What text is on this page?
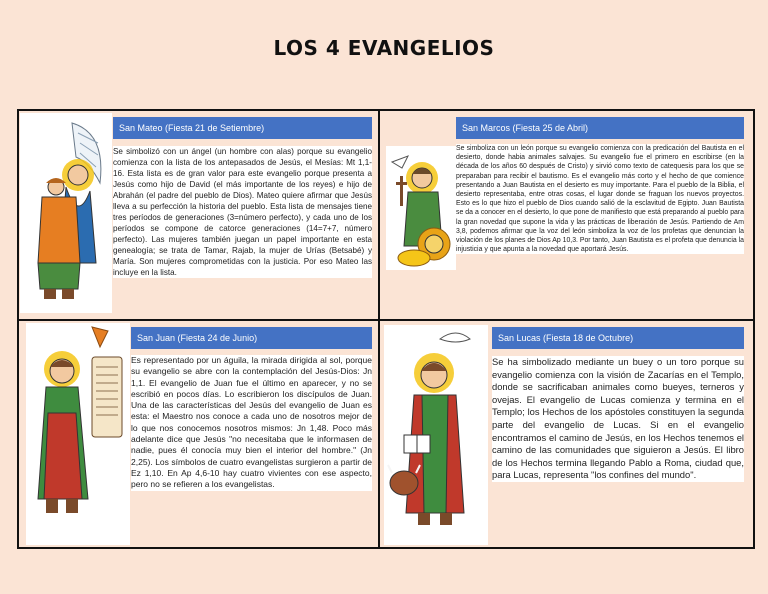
LOS 4 EVANGELIOS
San Mateo (Fiesta 21 de Setiembre)
Se simbolizó con un ángel (un hombre con alas) porque su evangelio comienza con la lista de los antepasados de Jesús, el Mesías: Mt 1,1-16. Esta lista es de gran valor para este evangelio porque presenta a Jesús como hijo de David (el más importante de los reyes) e hijo de Abrahán (el padre del pueblo de Dios). Mateo quiere afirmar que Jesús lleva a su perfección la historia del pueblo. Esta lista de mensajes tiene tres períodos de generaciones (3=número perfecto), y cada uno de los períodos se compone de catorce generaciones (14=7+7, número perfecto). Las mujeres también juegan un papel importante en esta genealogía; se trata de Tamar, Rajab, la mujer de Urías (Betsabé) y María. Son mujeres comprometidas con la justicia. Por eso Mateo las incluye en la lista.
San Marcos (Fiesta 25 de Abril)
Se simboliza con un león porque su evangelio comienza con la predicación del Bautista en el desierto, donde habia animales salvajes. Su evangelio fue el primero en escribirse (en la década de los años 60 después de Cristo) y sirvió como texto de catequesis para los que se preparaban para recibir el bautismo. Es el evangelio más corto y el hecho de que comience presentando a Juan Bautista en el desierto es muy importante. Para el pueblo de la Biblia, el desierto representaba, entre otras cosas, el lugar donde se fraguan los nuevos proyectos. Esto es lo que hizo el pueblo de Dios cuando salió de la esclavitud de Egipto. Juan Bautista se da a conocer en el desierto, lo que pone de manifiesto que está preparando al pueblo para la gran novedad que supone la vida y las prácticas de liberación de Jesús. Partiendo de Am 3,8, podemos afirmar que la voz del león simboliza la voz de los profetas que denuncian la violación de los planes de Dios Ap 10,3. Por tanto, Juan Bautista es el profeta que denuncia la injusticia y que apunta a la novedad que aportará Jesús.
San Juan (Fiesta 24 de Junio)
Es representado por un águila, la mirada dirigida al sol, porque su evangelio se abre con la contemplación del Jesús-Dios: Jn 1,1. El evangelio de Juan fue el último en aparecer, y no se escribió en pocos días. Lo escribieron los discípulos de Juan. Una de las características del Jesús del evangelio de Juan es esta: el Maestro nos conoce a cada uno de nosotros mejor de lo que nos conocemos nosotros mismos: Jn 1,48. Poco más adelante dice que Jesús "no necesitaba que le informasen de nadie, pues él conocía muy bien el interior del hombre." (Jn 2,25). Los símbolos de cuatro evangelistas surgieron a partir de Ez 1,10. En Ap 4,6-10 hay cuatro vivientes con ese aspecto, pero no se refieren a los evangelistas.
San Lucas (Fiesta 18 de Octubre)
Se ha simbolizado mediante un buey o un toro porque su evangelio comienza con la visión de Zacarías en el Templo, donde se sacrificaban animales como bueyes, terneros y ovejas. El evangelio de Lucas comienza y termina en el Templo; los Hechos de los apóstoles constituyen la segunda parte del evangelio de Lucas. Si en el evangelio encontramos el camino de Jesús, en los Hechos tenemos el camino de las comunidades que siguieron a Jesús. El libro de los Hechos termina llegando Pablo a Roma, ciudad que, para Lucas, representa "los confines del mundo".
